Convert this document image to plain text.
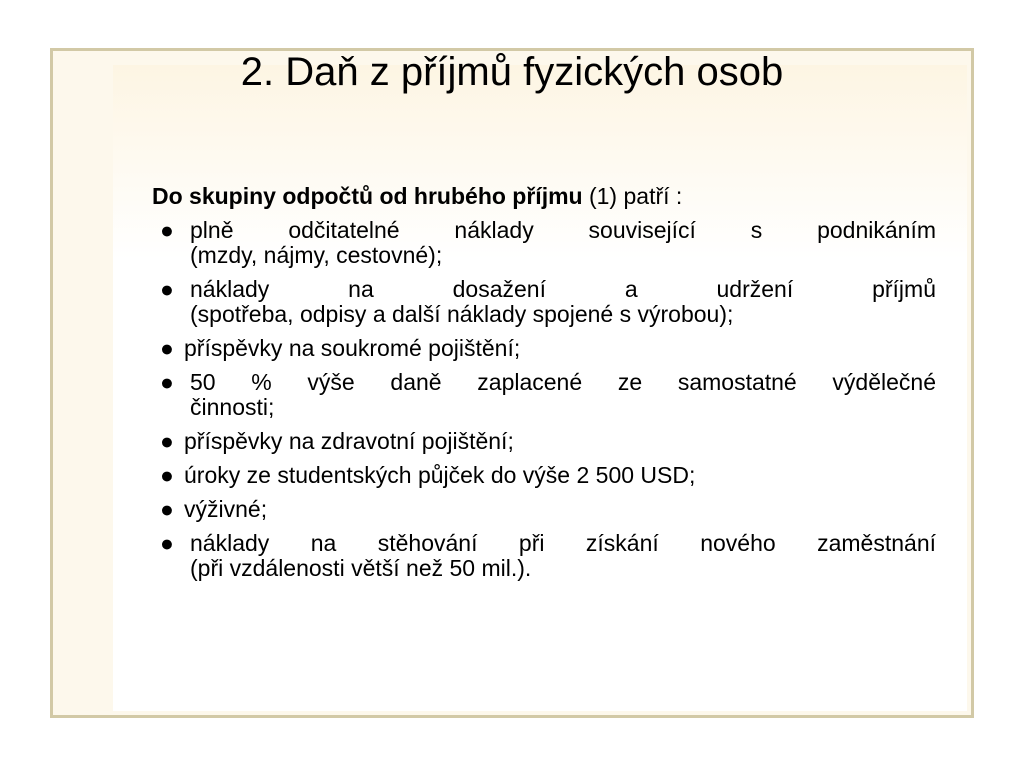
2. Daň z příjmů fyzických osob

Do skupiny odpočtů od hrubého příjmu (1) patří :

● plně odčitatelné náklady související s podnikáním
(mzdy, nájmy, cestovné);
● náklady na dosažení a udržení příjmů
(spotřeba, odpisy a další náklady spojené s výrobou);
● příspěvky na soukromé pojištění;
● 50 % výše daně zaplacené ze samostatné výdělečné
činnosti;
● příspěvky na zdravotní pojištění;
● úroky ze studentských půjček do výše 2 500 USD;
● výživné;
● náklady na stěhování při získání nového zaměstnání
(při vzdálenosti větší než 50 mil.).
